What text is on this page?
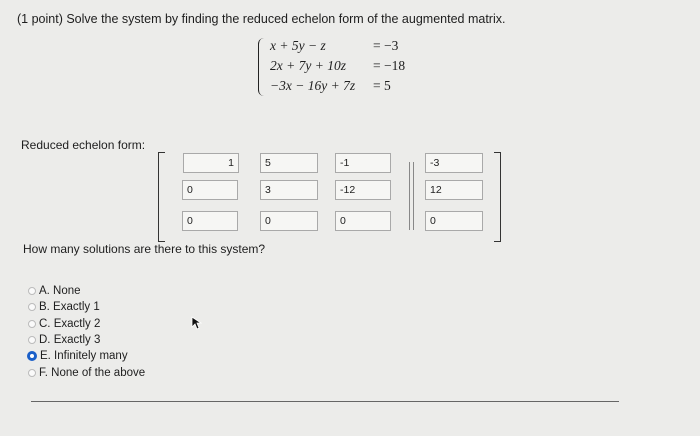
(1 point) Solve the system by finding the reduced echelon form of the augmented matrix.
x + 5y − z	= −3
2x + 7y + 10z = −18
−3x − 16y + 7z = 5
Reduced echelon form:
1	5	-1	-3
0	3	-12	12
0	0	0	0
How many solutions are there to this system?
A. None
B. Exactly 1
C. Exactly 2
D. Exactly 3
E. Infinitely many
F. None of the above
